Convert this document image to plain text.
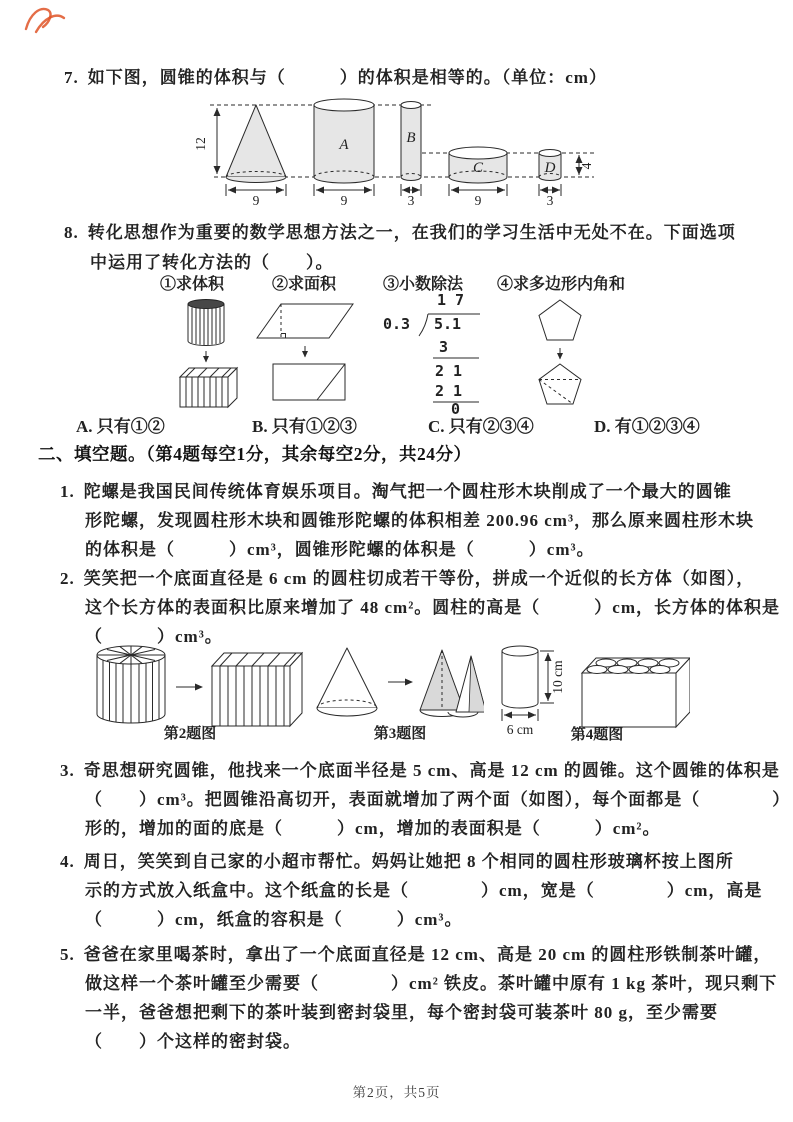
7. 如下图，圆锥的体积与（　　　）的体积是相等的。（单位：cm）
12	A	B
C	D 4
9	9	3	9	3
8. 转化思想作为重要的数学思想方法之一，在我们的学习生活中无处不在。下面选项
中运用了转化方法的（　　）。
①求体积	②求面积	③小数除法 ④求多边形内角和
1 7
0.3 5.1
3
2 1
2 1
0
A. 只有①②	B. 只有①②③	C. 只有②③④	D. 有①②③④
二、填空题。（第4题每空1分，其余每空2分，共24分）
1. 陀螺是我国民间传统体育娱乐项目。淘气把一个圆柱形木块削成了一个最大的圆锥
形陀螺，发现圆柱形木块和圆锥形陀螺的体积相差 200.96 cm³，那么原来圆柱形木块
的体积是（　　　）cm³，圆锥形陀螺的体积是（　　　）cm³。
2. 笑笑把一个底面直径是 6 cm 的圆柱切成若干等份，拼成一个近似的长方体（如图），
这个长方体的表面积比原来增加了 48 cm²。圆柱的高是（　　　）cm，长方体的体积是
（　　　）cm³。
第2题图	第3题图
10 cm
6 cm	第4题图
3. 奇思想研究圆锥，他找来一个底面半径是 5 cm、高是 12 cm 的圆锥。这个圆锥的体积是
（　　）cm³。把圆锥沿高切开，表面就增加了两个面（如图），每个面都是（　　　　）
形的，增加的面的底是（　　　）cm，增加的表面积是（　　　）cm²。
4. 周日，笑笑到自己家的小超市帮忙。妈妈让她把 8 个相同的圆柱形玻璃杯按上图所
示的方式放入纸盒中。这个纸盒的长是（　　　　）cm，宽是（　　　　）cm，高是
（　　　）cm，纸盒的容积是（　　　）cm³。
5. 爸爸在家里喝茶时，拿出了一个底面直径是 12 cm、高是 20 cm 的圆柱形铁制茶叶罐，
做这样一个茶叶罐至少需要（　　　　）cm² 铁皮。茶叶罐中原有 1 kg 茶叶，现只剩下
一半，爸爸想把剩下的茶叶装到密封袋里，每个密封袋可装茶叶 80 g，至少需要
（　　）个这样的密封袋。
第2页，共5页
